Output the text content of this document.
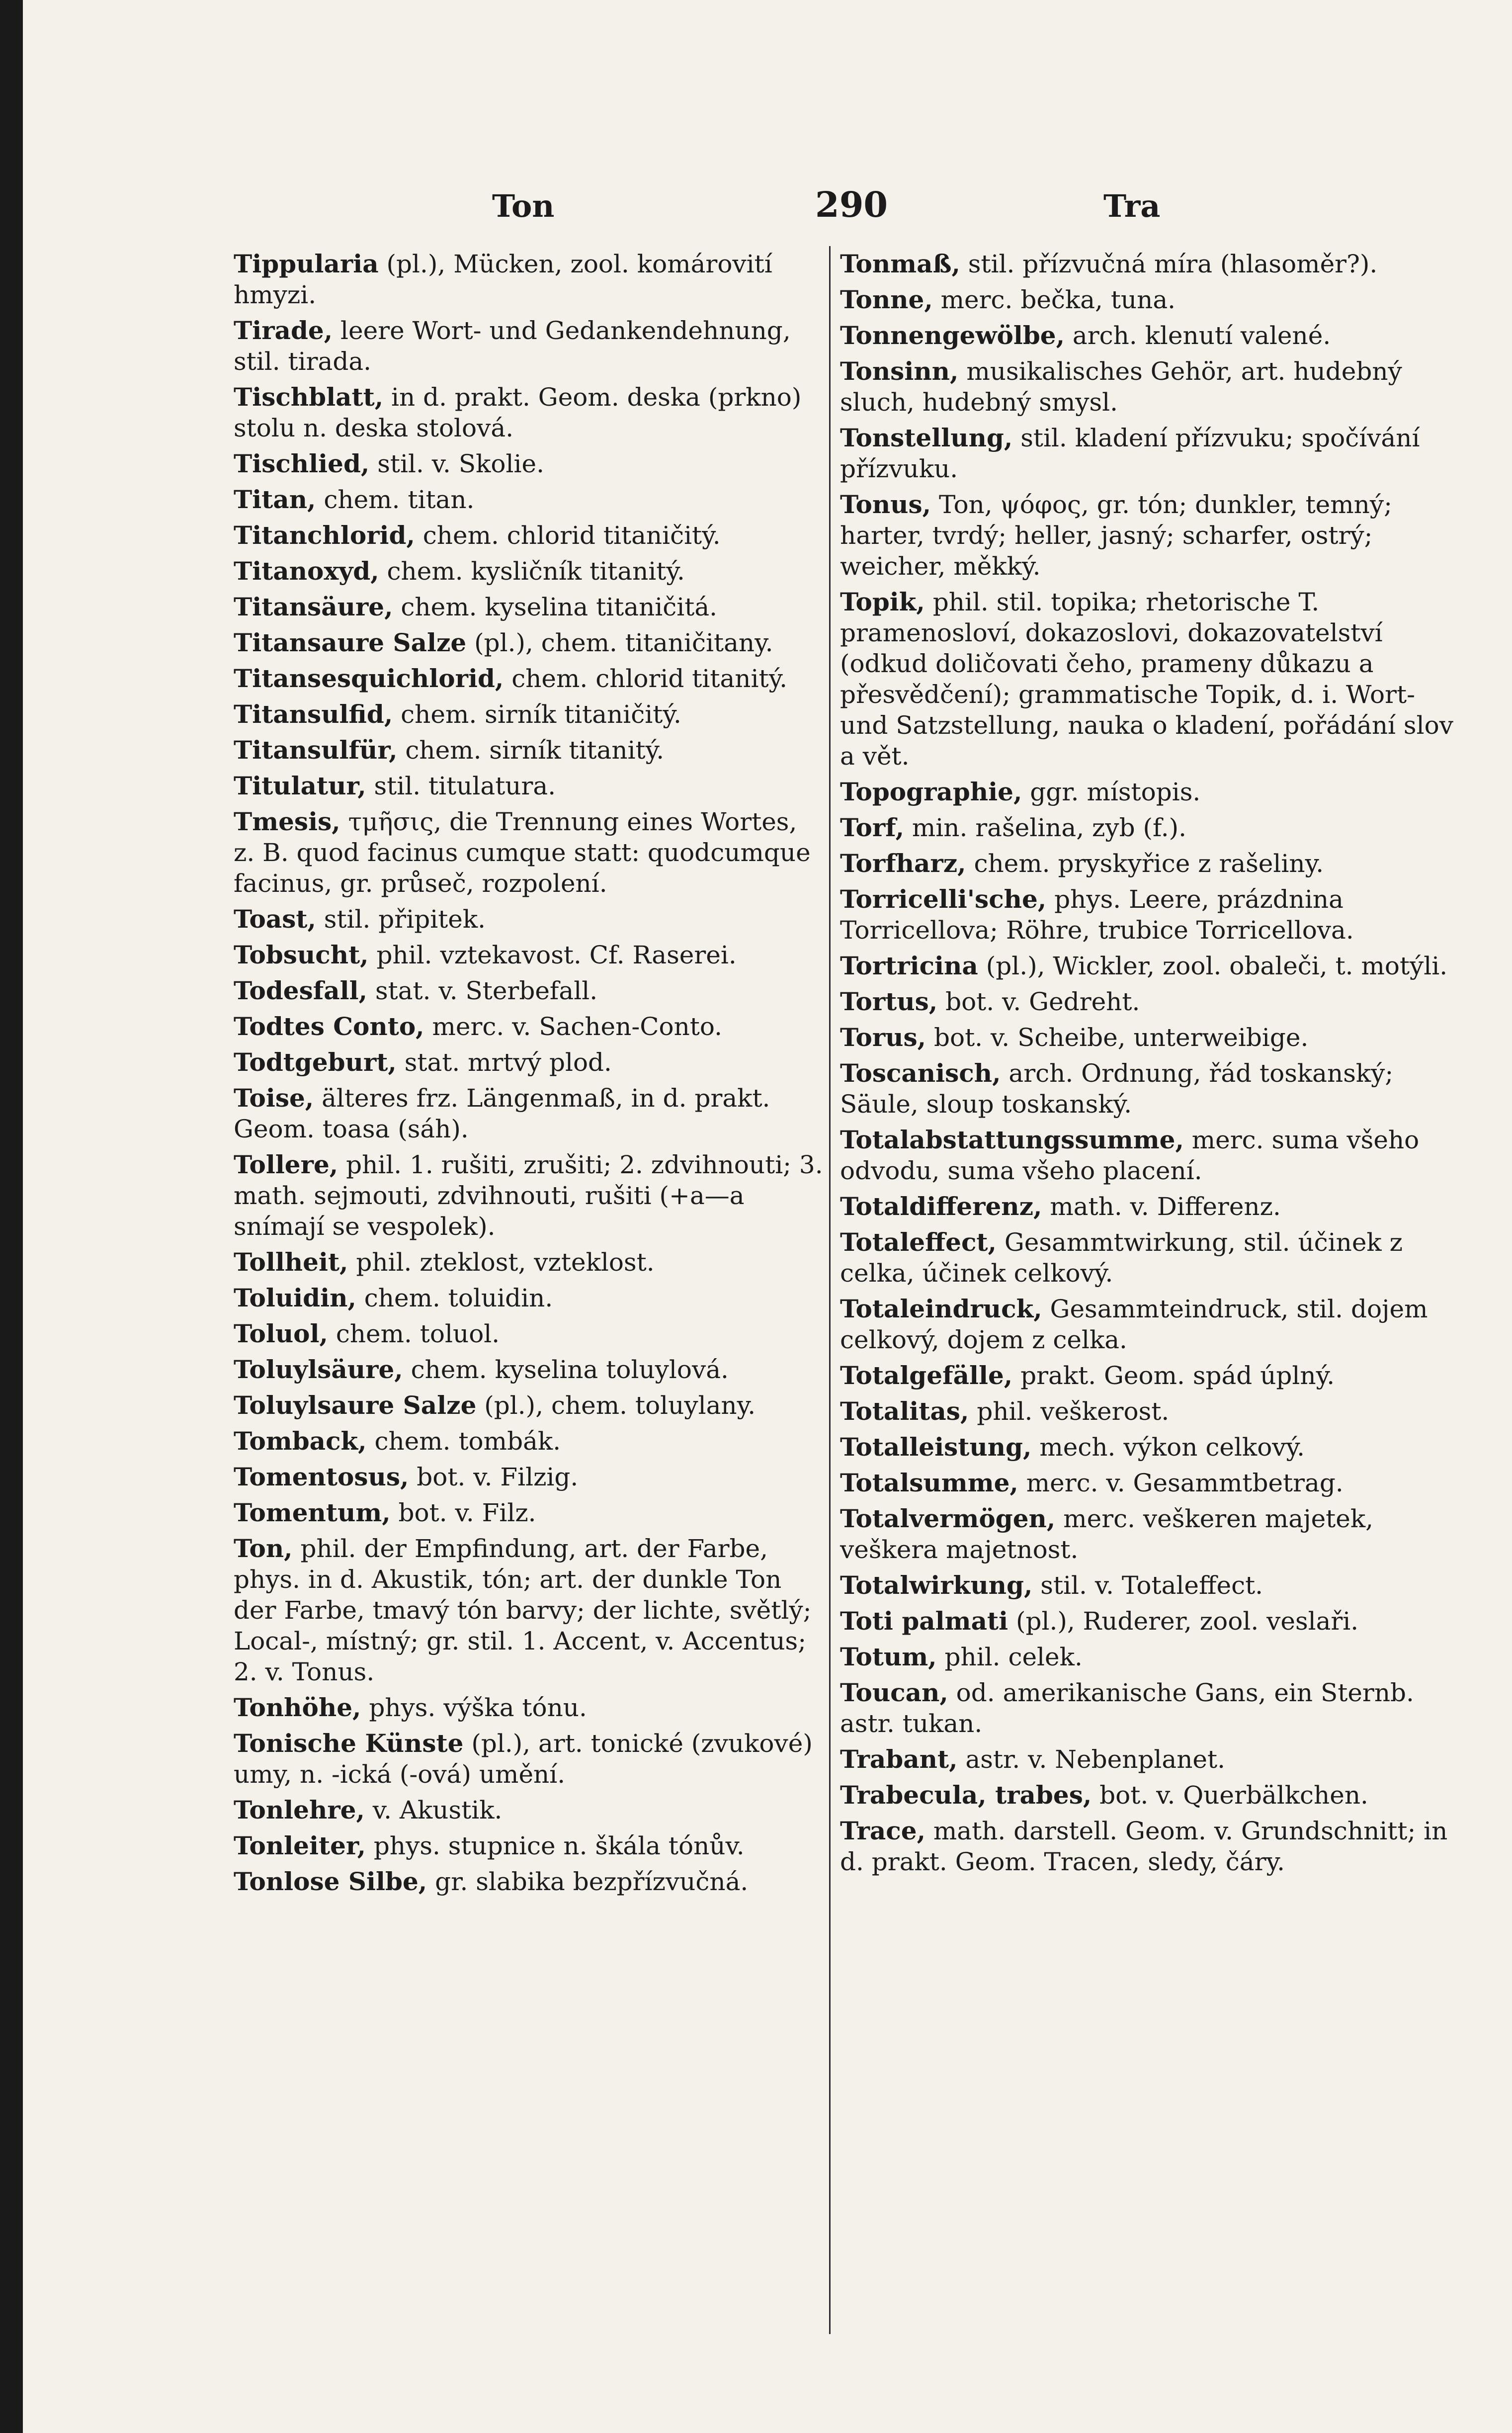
Ton	290	Tra
Tippularia (pl.), Mücken, zool. komárovití hmyzi.
Tirade, leere Wort- und Gedankendehnung, stil. tirada.
Tischblatt, in d. prakt. Geom. deska (prkno) stolu n. deska stolová.
Tischlied, stil. v. Skolie.
Titan, chem. titan.
Titanchlorid, chem. chlorid titaničitý.
Titanoxyd, chem. kysličník titanitý.
Titansäure, chem. kyselina titaničitá.
Titansaure Salze (pl.), chem. titaničitany.
Titansesquichlorid, chem. chlorid titanitý.
Titansulfid, chem. sirník titaničitý.
Titansulfür, chem. sirník titanitý.
Titulatur, stil. titulatura.
Tmesis, τμῆσις, die Trennung eines Wortes, z. B. quod facinus cumque statt: quodcumque facinus, gr. průseč, rozpolení.
Toast, stil. připitek.
Tobsucht, phil. vztekavost. Cf. Raserei.
Todesfall, stat. v. Sterbefall.
Todtes Conto, merc. v. Sachen-Conto.
Todtgeburt, stat. mrtvý plod.
Toise, älteres frz. Längenmaß, in d. prakt. Geom. toasa (sáh).
Tollere, phil. 1. rušiti, zrušiti; 2. zdvihnouti; 3. math. sejmouti, zdvihnouti, rušiti (+a—a snímají se vespolek).
Tollheit, phil. zteklost, vzteklost.
Toluidin, chem. toluidin.
Toluol, chem. toluol.
Toluylsäure, chem. kyselina toluylová.
Toluylsaure Salze (pl.), chem. toluylany.
Tomback, chem. tombák.
Tomentosus, bot. v. Filzig.
Tomentum, bot. v. Filz.
Ton, phil. der Empfindung, art. der Farbe, phys. in d. Akustik, tón; art. der dunkle Ton der Farbe, tmavý tón barvy; der lichte, světlý; Local-, místný; gr. stil. 1. Accent, v. Accentus; 2. v. Tonus.
Tonhöhe, phys. výška tónu.
Tonische Künste (pl.), art. tonické (zvukové) umy, n. -ická (-ová) umění.
Tonlehre, v. Akustik.
Tonleiter, phys. stupnice n. škála tónův.
Tonlose Silbe, gr. slabika bezpřízvučná.
Tonmaß, stil. přízvučná míra (hlasoměr?).
Tonne, merc. bečka, tuna.
Tonnengewölbe, arch. klenutí valené.
Tonsinn, musikalisches Gehör, art. hudebný sluch, hudebný smysl.
Tonstellung, stil. kladení přízvuku; spočívání přízvuku.
Tonus, Ton, ψόφος, gr. tón; dunkler, temný; harter, tvrdý; heller, jasný; scharfer, ostrý; weicher, měkký.
Topik, phil. stil. topika; rhetorische T. pramenosloví, dokazoslovi, dokazovatelství (odkud doličovati čeho, prameny důkazu a přesvědčení); grammatische Topik, d. i. Wort- und Satzstellung, nauka o kladení, pořádání slov a vět.
Topographie, ggr. místopis.
Torf, min. rašelina, zyb (f.).
Torfharz, chem. pryskyřice z rašeliny.
Torricelli'sche, phys. Leere, prázdnina Torricellova; Röhre, trubice Torricellova.
Tortricina (pl.), Wickler, zool. obaleči, t. motýli.
Tortus, bot. v. Gedreht.
Torus, bot. v. Scheibe, unterweibige.
Toscanisch, arch. Ordnung, řád toskanský; Säule, sloup toskanský.
Totalabstattungssumme, merc. suma všeho odvodu, suma všeho placení.
Totaldifferenz, math. v. Differenz.
Totaleffect, Gesammtwirkung, stil. účinek z celka, účinek celkový.
Totaleindruck, Gesammteindruck, stil. dojem celkový, dojem z celka.
Totalgefälle, prakt. Geom. spád úplný.
Totalitas, phil. veškerost.
Totalleistung, mech. výkon celkový.
Totalsumme, merc. v. Gesammtbetrag.
Totalvermögen, merc. veškeren majetek, veškera majetnost.
Totalwirkung, stil. v. Totaleffect.
Toti palmati (pl.), Ruderer, zool. veslaři.
Totum, phil. celek.
Toucan, od. amerikanische Gans, ein Sternb. astr. tukan.
Trabant, astr. v. Nebenplanet.
Trabecula, trabes, bot. v. Querbälkchen.
Trace, math. darstell. Geom. v. Grundschnitt; in d. prakt. Geom. Tracen, sledy, čáry.
